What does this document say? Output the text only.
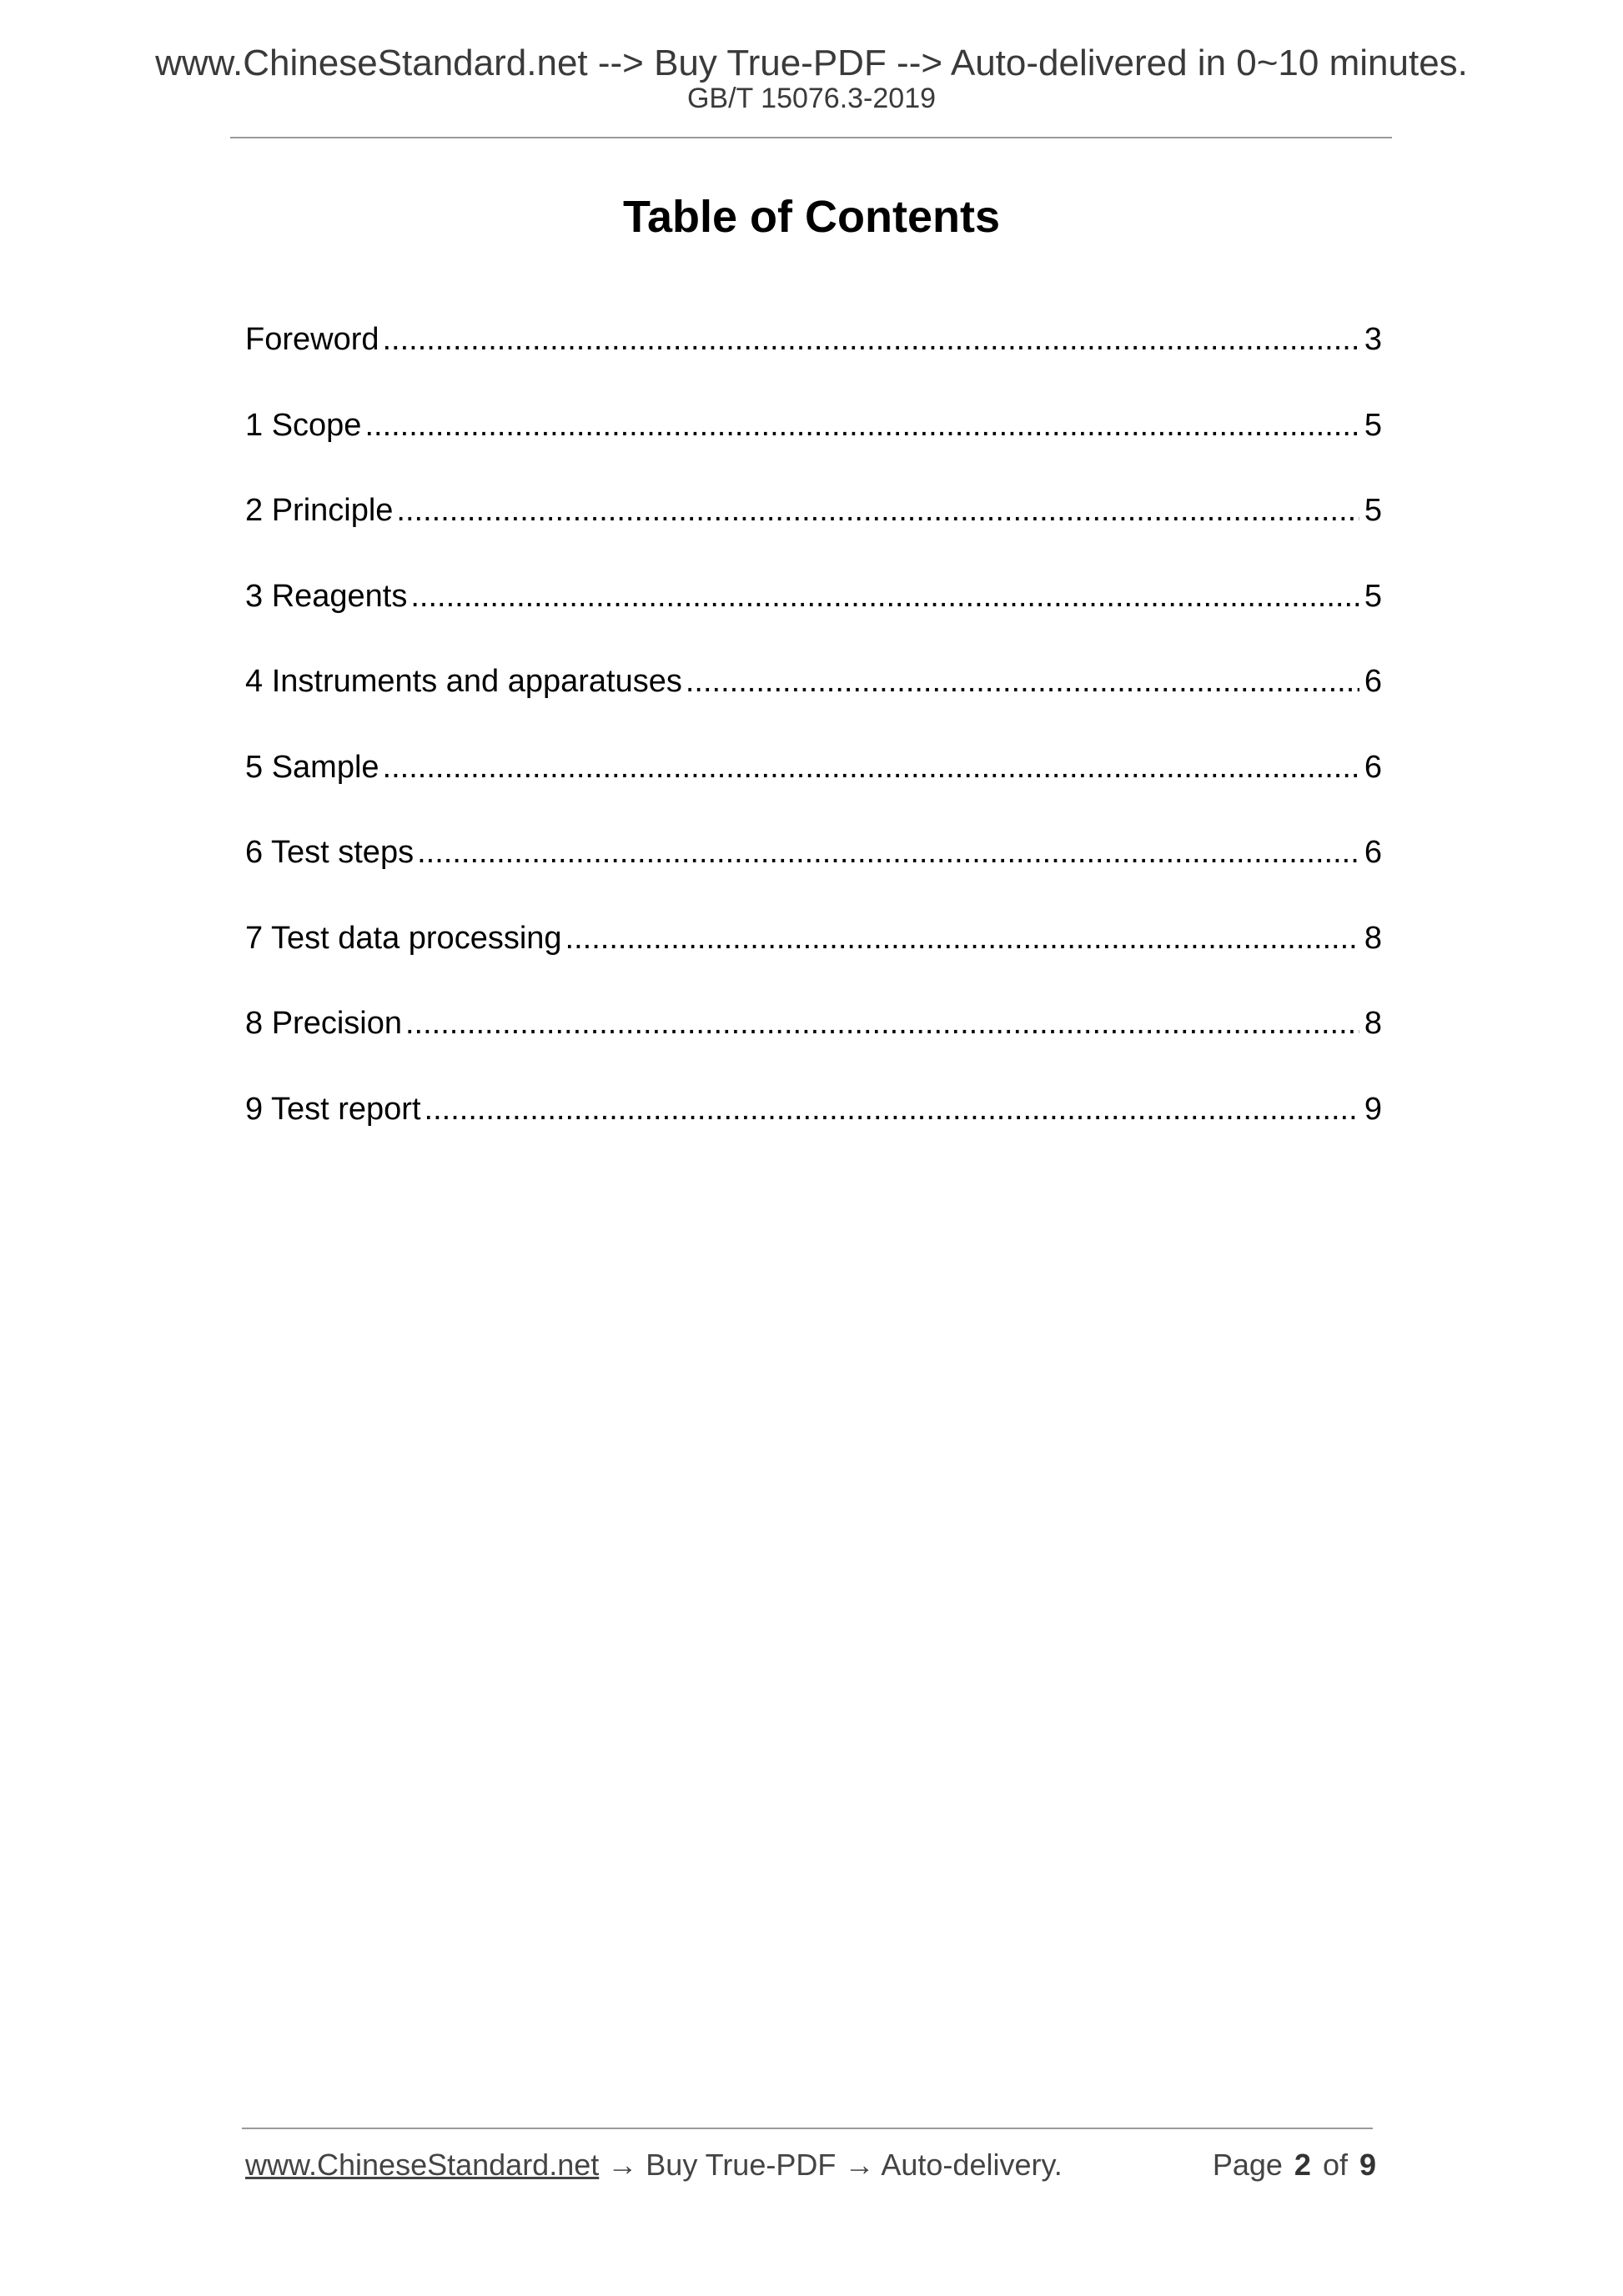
www.ChineseStandard.net --> Buy True-PDF --> Auto-delivered in 0~10 minutes.
GB/T 15076.3-2019
Table of Contents
Foreword .....	3
1 Scope .....	5
2 Principle .....	5
3 Reagents .....	5
4 Instruments and apparatuses .....	6
5 Sample .....	6
6 Test steps .....	6
7 Test data processing .....	8
8 Precision .....	8
9 Test report .....	9
www.ChineseStandard.net → Buy True-PDF → Auto-delivery.	Page 2 of 9
